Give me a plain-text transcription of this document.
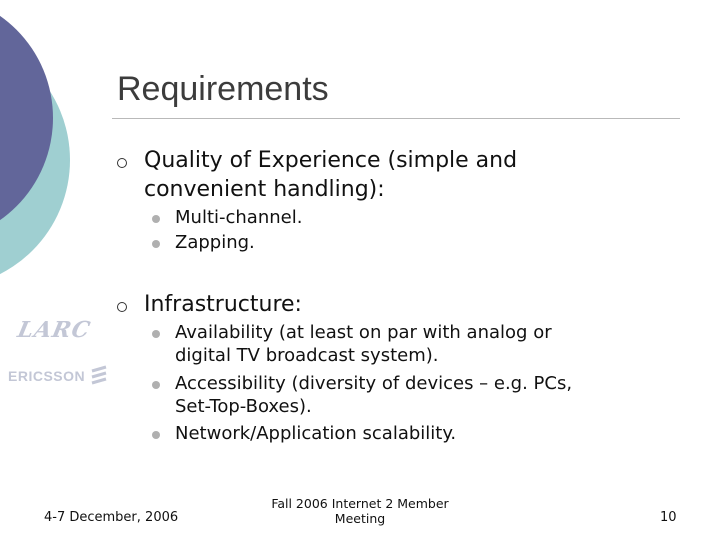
Requirements
Quality of Experience (simple and
convenient handling):
Multi-channel.
Zapping.
Infrastructure:
Availability (at least on par with analog or
digital TV broadcast system).
Accessibility (diversity of devices – e.g. PCs,
Set-Top-Boxes).
Network/Application scalability.
LARC
ERICSSON
4-7 December, 2006
Fall 2006 Internet 2 Member
Meeting	10
